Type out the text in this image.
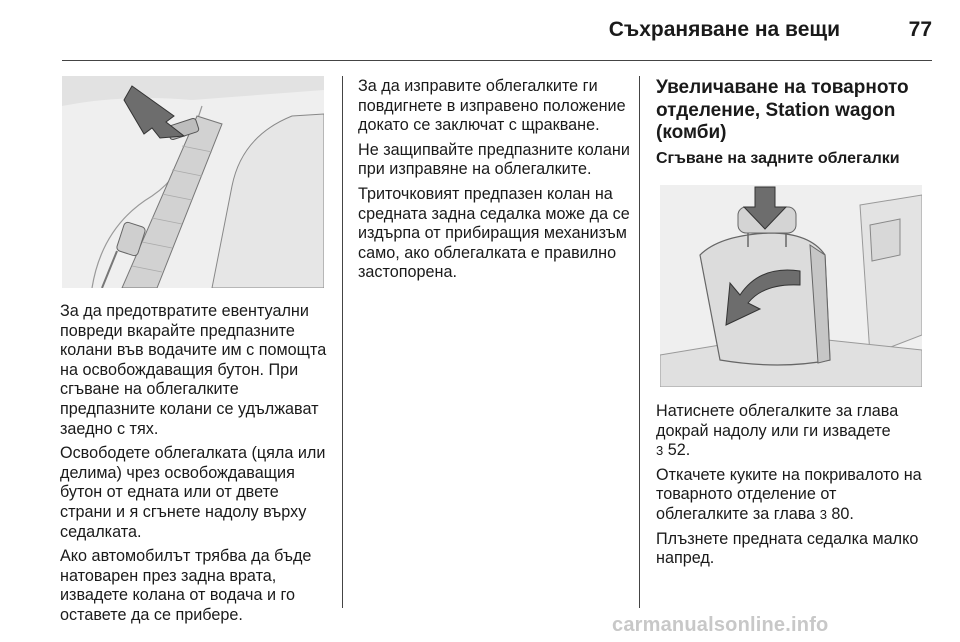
Съхраняване на вещи	77

За да предотвратите евентуални повреди вкарайте предпазните колани във водачите им с помощта на освобождаващия бутон. При сгъване на облегалките предпазните колани се удължават заедно с тях.

Освободете облегалката (цяла или делима) чрез освобождаващия бутон от едната или от двете страни и я сгънете надолу върху седалката.

Ако автомобилът трябва да бъде натоварен през задна врата, извадете колана от водача и го оставете да се прибере.

За да изправите облегалките ги повдигнете в изправено положение докато се заключат с щракване.

Не защипвайте предпазните колани при изправяне на облегалките.

Триточковият предпазен колан на средната задна седалка може да се издърпа от прибиращия механизъм само, ако облегалката е правилно застопорена.

Увеличаване на товарното отделение, Station wagon (комби)
Сгъване на задните облегалки

Натиснете облегалките за глава докрай надолу или ги извадете
3 52.

Откачете куките на покривалото на товарното отделение от облегалките за глава 3 80.

Плъзнете предната седалка малко напред.

carmanualsonline.info
